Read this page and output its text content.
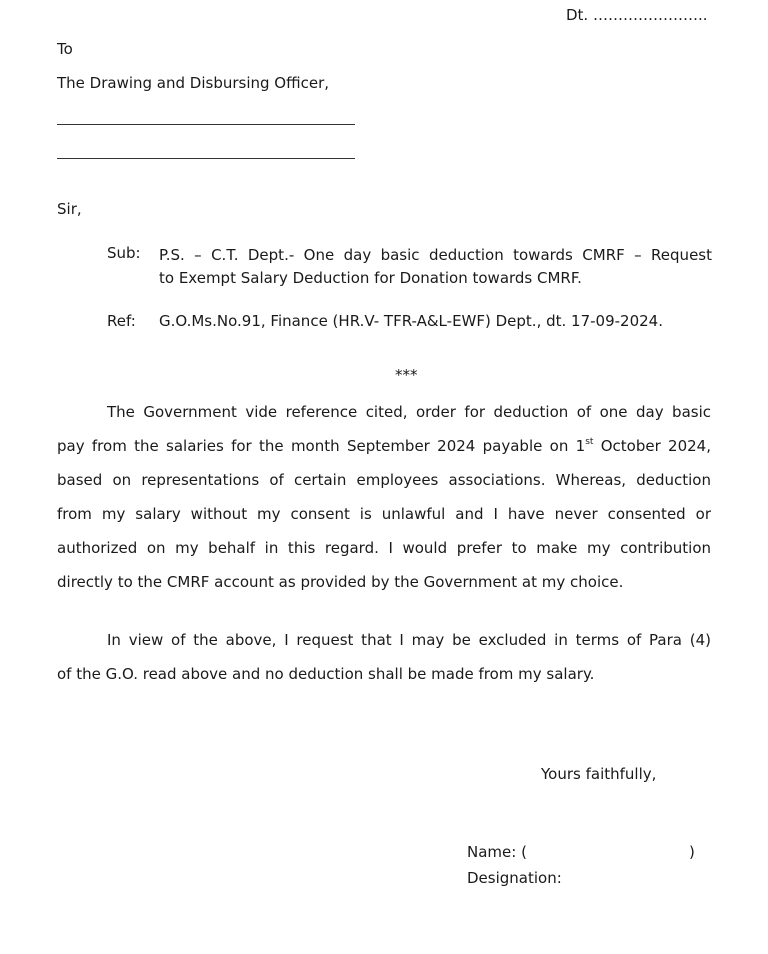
Dt. …………………..
To
The Drawing and Disbursing Officer,
Sir,
Sub: P.S. – C.T. Dept.- One day basic deduction towards CMRF – Request
to Exempt Salary Deduction for Donation towards CMRF.
Ref: G.O.Ms.No.91, Finance (HR.V- TFR-A&L-EWF) Dept., dt. 17-09-2024.
***
The Government vide reference cited, order for deduction of one day basic
pay from the salaries for the month September 2024 payable on 1st October 2024,
based on representations of certain employees associations. Whereas, deduction
from my salary without my consent is unlawful and I have never consented or
authorized on my behalf in this regard. I would prefer to make my contribution
directly to the CMRF account as provided by the Government at my choice.
In view of the above, I request that I may be excluded in terms of Para (4)
of the G.O. read above and no deduction shall be made from my salary.
Yours faithfully,
Name: (	)
Designation:
